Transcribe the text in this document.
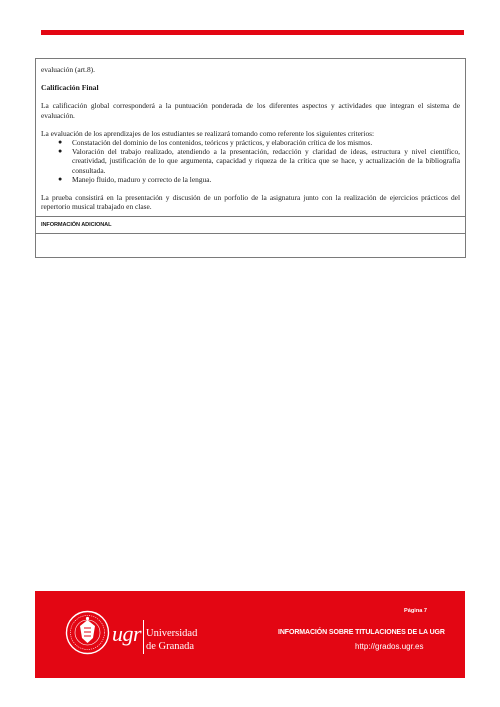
evaluación (art.8).

Calificación Final

La calificación global corresponderá a la puntuación ponderada de los diferentes aspectos y actividades que integran el sistema de evaluación.

La evaluación de los aprendizajes de los estudiantes se realizará tomando como referente los siguientes criterios:

● Constatación del dominio de los contenidos, teóricos y prácticos, y elaboración crítica de los mismos.
● Valoración del trabajo realizado, atendiendo a la presentación, redacción y claridad de ideas, estructura y nivel científico, creatividad, justificación de lo que argumenta, capacidad y riqueza de la crítica que se hace, y actualización de la bibliografía consultada.
● Manejo fluido, maduro y correcto de la lengua.

La prueba consistirá en la presentación y discusión de un porfolio de la asignatura junto con la realización de ejercicios prácticos del repertorio musical trabajado en clase.

INFORMACIÓN ADICIONAL
Página 7
ugr Universidad
de Granada
INFORMACIÓN SOBRE TITULACIONES DE LA UGR
http://grados.ugr.es
